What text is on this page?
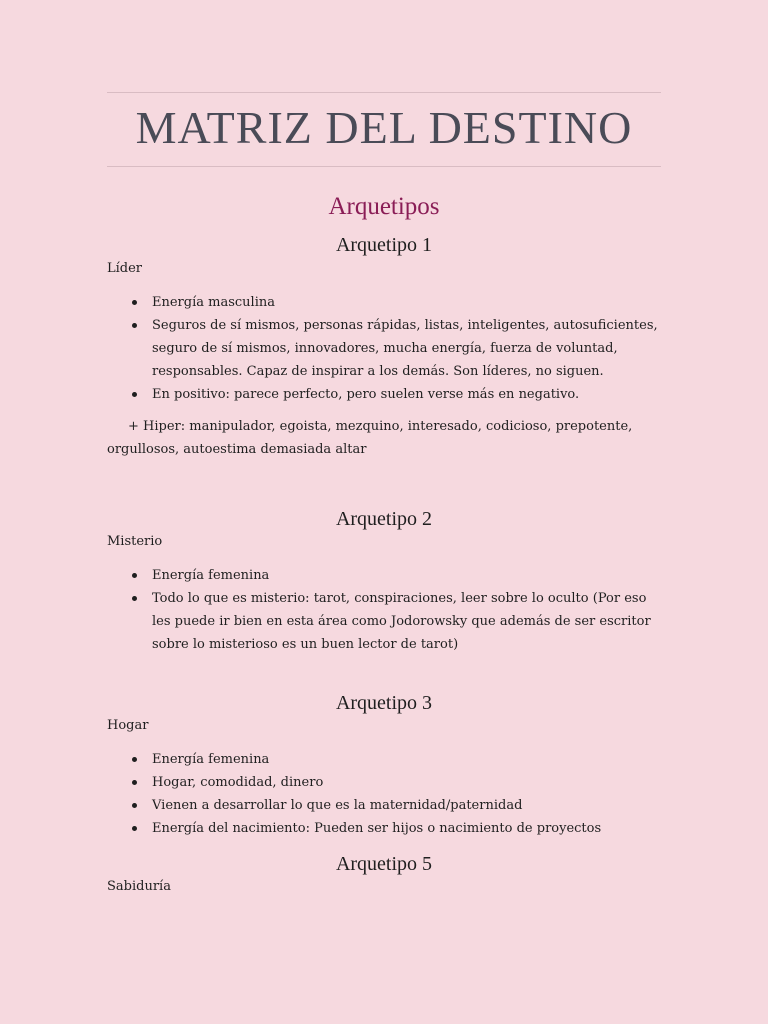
MATRIZ DEL DESTINO
Arquetipos
Arquetipo 1
Líder
Energía masculina
Seguros de sí mismos, personas rápidas, listas, inteligentes, autosuficientes, seguro de sí mismos, innovadores, mucha energía, fuerza de voluntad, responsables. Capaz de inspirar a los demás. Son líderes, no siguen.
En positivo: parece perfecto, pero suelen verse más en negativo.
+ Hiper: manipulador, egoista, mezquino, interesado, codicioso, prepotente, orgullosos, autoestima demasiada altar
Arquetipo 2
Misterio
Energía femenina
Todo lo que es misterio: tarot, conspiraciones, leer sobre lo oculto (Por eso les puede ir bien en esta área como Jodorowsky que además de ser escritor sobre lo misterioso es un buen lector de tarot)
Arquetipo 3
Hogar
Energía femenina
Hogar, comodidad, dinero
Vienen a desarrollar lo que es la maternidad/paternidad
Energía del nacimiento: Pueden ser hijos o nacimiento de proyectos
Arquetipo 5
Sabiduría
